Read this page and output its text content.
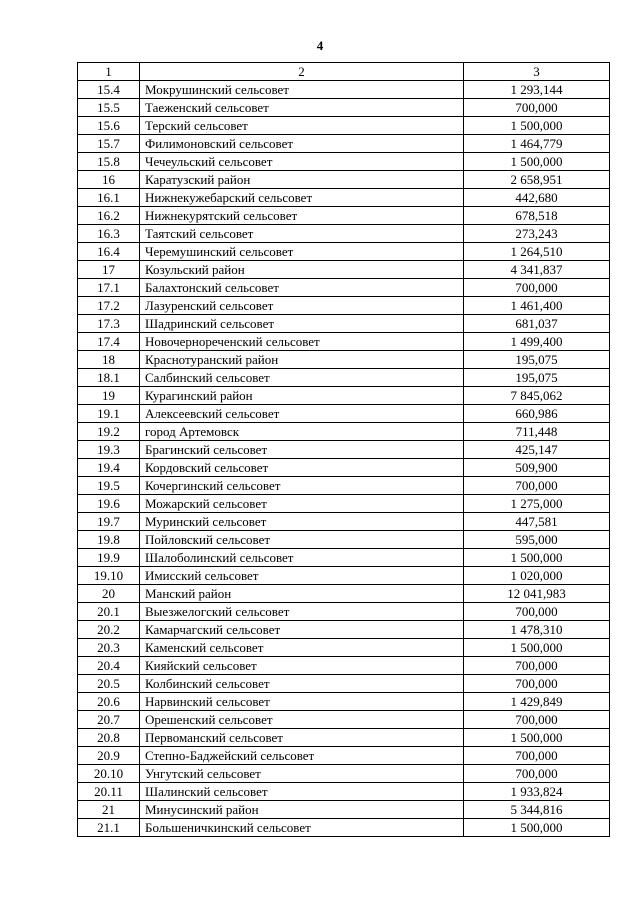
4
1	2	3
15.4	Мокрушинский сельсовет	1 293,144
15.5	Таеженский сельсовет	700,000
15.6	Терский сельсовет	1 500,000
15.7	Филимоновский сельсовет	1 464,779
15.8	Чечеульский сельсовет	1 500,000
16	Каратузский район	2 658,951
16.1	Нижнекужебарский сельсовет	442,680
16.2	Нижнекурятский сельсовет	678,518
16.3	Таятский сельсовет	273,243
16.4	Черемушинский сельсовет	1 264,510
17	Козульский район	4 341,837
17.1	Балахтонский сельсовет	700,000
17.2	Лазуренский сельсовет	1 461,400
17.3	Шадринский сельсовет	681,037
17.4	Новочернореченский сельсовет	1 499,400
18	Краснотуранский район	195,075
18.1	Салбинский сельсовет	195,075
19	Курагинский район	7 845,062
19.1	Алексеевский сельсовет	660,986
19.2	город Артемовск	711,448
19.3	Брагинский сельсовет	425,147
19.4	Кордовский сельсовет	509,900
19.5	Кочергинский сельсовет	700,000
19.6	Можарский сельсовет	1 275,000
19.7	Муринский сельсовет	447,581
19.8	Пойловский сельсовет	595,000
19.9	Шалоболинский сельсовет	1 500,000
19.10	Имисский сельсовет	1 020,000
20	Манский район	12 041,983
20.1	Выезжелогский сельсовет	700,000
20.2	Камарчагский сельсовет	1 478,310
20.3	Каменский сельсовет	1 500,000
20.4	Кияйский сельсовет	700,000
20.5	Колбинский сельсовет	700,000
20.6	Нарвинский сельсовет	1 429,849
20.7	Орешенский сельсовет	700,000
20.8	Первоманский сельсовет	1 500,000
20.9	Степно-Баджейский сельсовет	700,000
20.10	Унгутский сельсовет	700,000
20.11	Шалинский сельсовет	1 933,824
21	Минусинский район	5 344,816
21.1	Большеничкинский сельсовет	1 500,000
